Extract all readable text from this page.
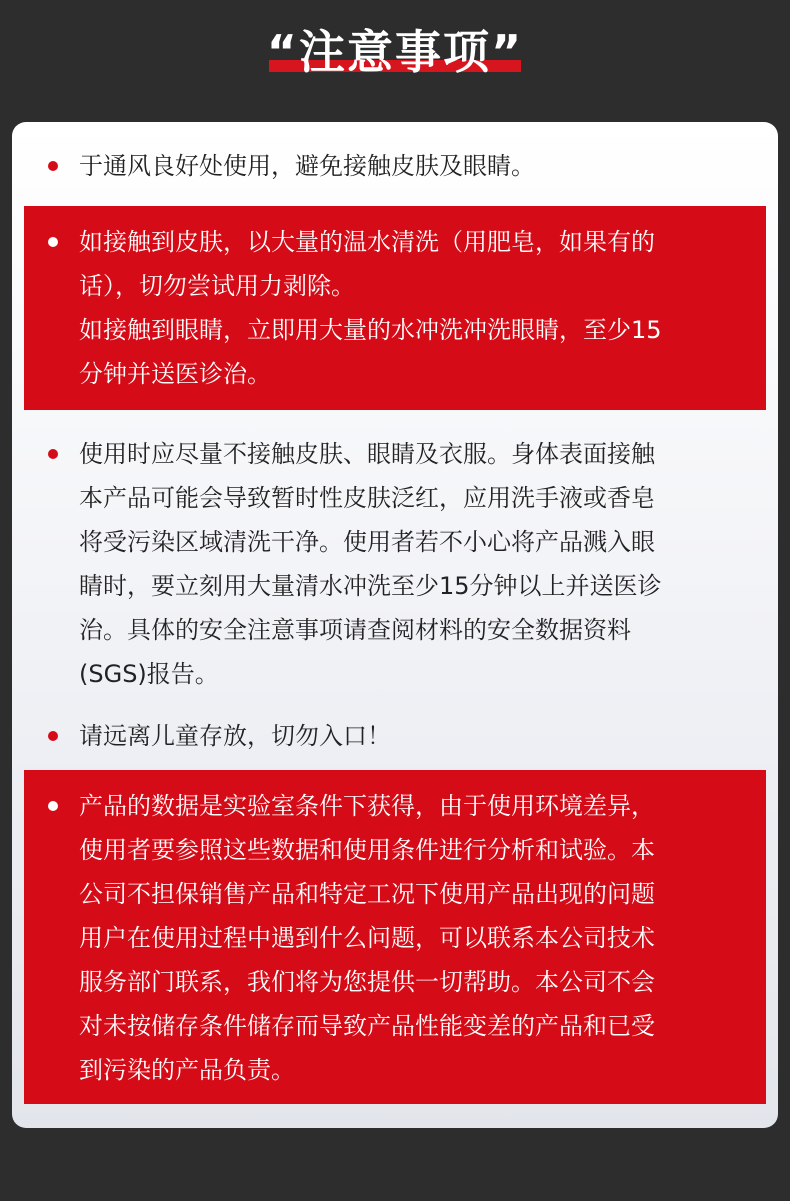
“注意事项”
于通风良好处使用，避免接触皮肤及眼睛。
如接触到皮肤，以大量的温水清洗（用肥皂，如果有的
话），切勿尝试用力剥除。
如接触到眼睛，立即用大量的水冲洗冲洗眼睛，至少15
分钟并送医诊治。
使用时应尽量不接触皮肤、眼睛及衣服。身体表面接触
本产品可能会导致暂时性皮肤泛红，应用洗手液或香皂
将受污染区域清洗干净。使用者若不小心将产品溅入眼
睛时，要立刻用大量清水冲洗至少15分钟以上并送医诊
治。具体的安全注意事项请查阅材料的安全数据资料
(SGS)报告。
请远离儿童存放，切勿入口！
产品的数据是实验室条件下获得，由于使用环境差异，
使用者要参照这些数据和使用条件进行分析和试验。本
公司不担保销售产品和特定工况下使用产品出现的问题
用户在使用过程中遇到什么问题，可以联系本公司技术
服务部门联系，我们将为您提供一切帮助。本公司不会
对未按储存条件储存而导致产品性能变差的产品和已受
到污染的产品负责。
